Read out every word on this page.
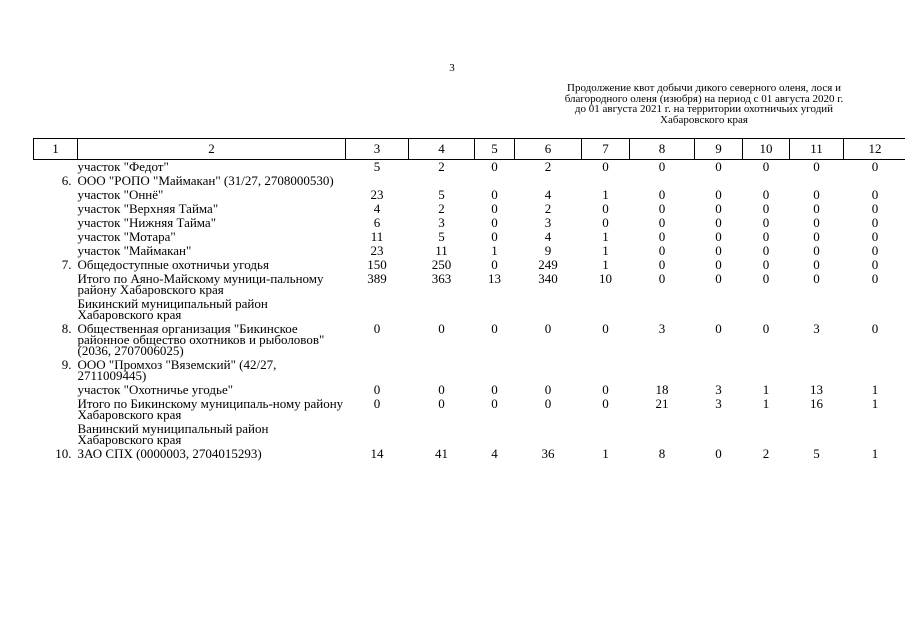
3
Продолжение квот добычи дикого северного оленя, лося и
благородного оленя (изюбря) на период с 01 августа 2020 г.
до 01 августа 2021 г. на территории охотничьих угодий
Хабаровского края
1	2	3	4	5	6	7	8	9	10	11	12
	участок "Федот"	5	2	0	2	0	0	0	0	0	0
6.	ООО "РОПО "Маймакан" (31/27, 2708000530)										
	участок "Оннё"	23	5	0	4	1	0	0	0	0	0
	участок "Верхняя Тайма"	4	2	0	2	0	0	0	0	0	0
	участок "Нижняя Тайма"	6	3	0	3	0	0	0	0	0	0
	участок "Мотара"	11	5	0	4	1	0	0	0	0	0
	участок "Маймакан"	23	11	1	9	1	0	0	0	0	0
7.	Общедоступные охотничьи угодья	150	250	0	249	1	0	0	0	0	0
	Итого по Аяно-Майскому муници-пальному району Хабаровского края	389	363	13	340	10	0	0	0	0	0
	Бикинский муниципальный район Хабаровского края										
8.	Общественная организация "Бикинское районное общество охотников и рыболовов"(2036, 2707006025)	0	0	0	0	0	3	0	0	3	0
9.	ООО "Промхоз "Вяземский" (42/27, 2711009445)										
	участок "Охотничье угодье"	0	0	0	0	0	18	3	1	13	1
	Итого по Бикинскому муниципаль-ному району Хабаровского края	0	0	0	0	0	21	3	1	16	1
	Ванинский муниципальный район Хабаровского края										
10.	ЗАО СПХ (0000003, 2704015293)	14	41	4	36	1	8	0	2	5	1
